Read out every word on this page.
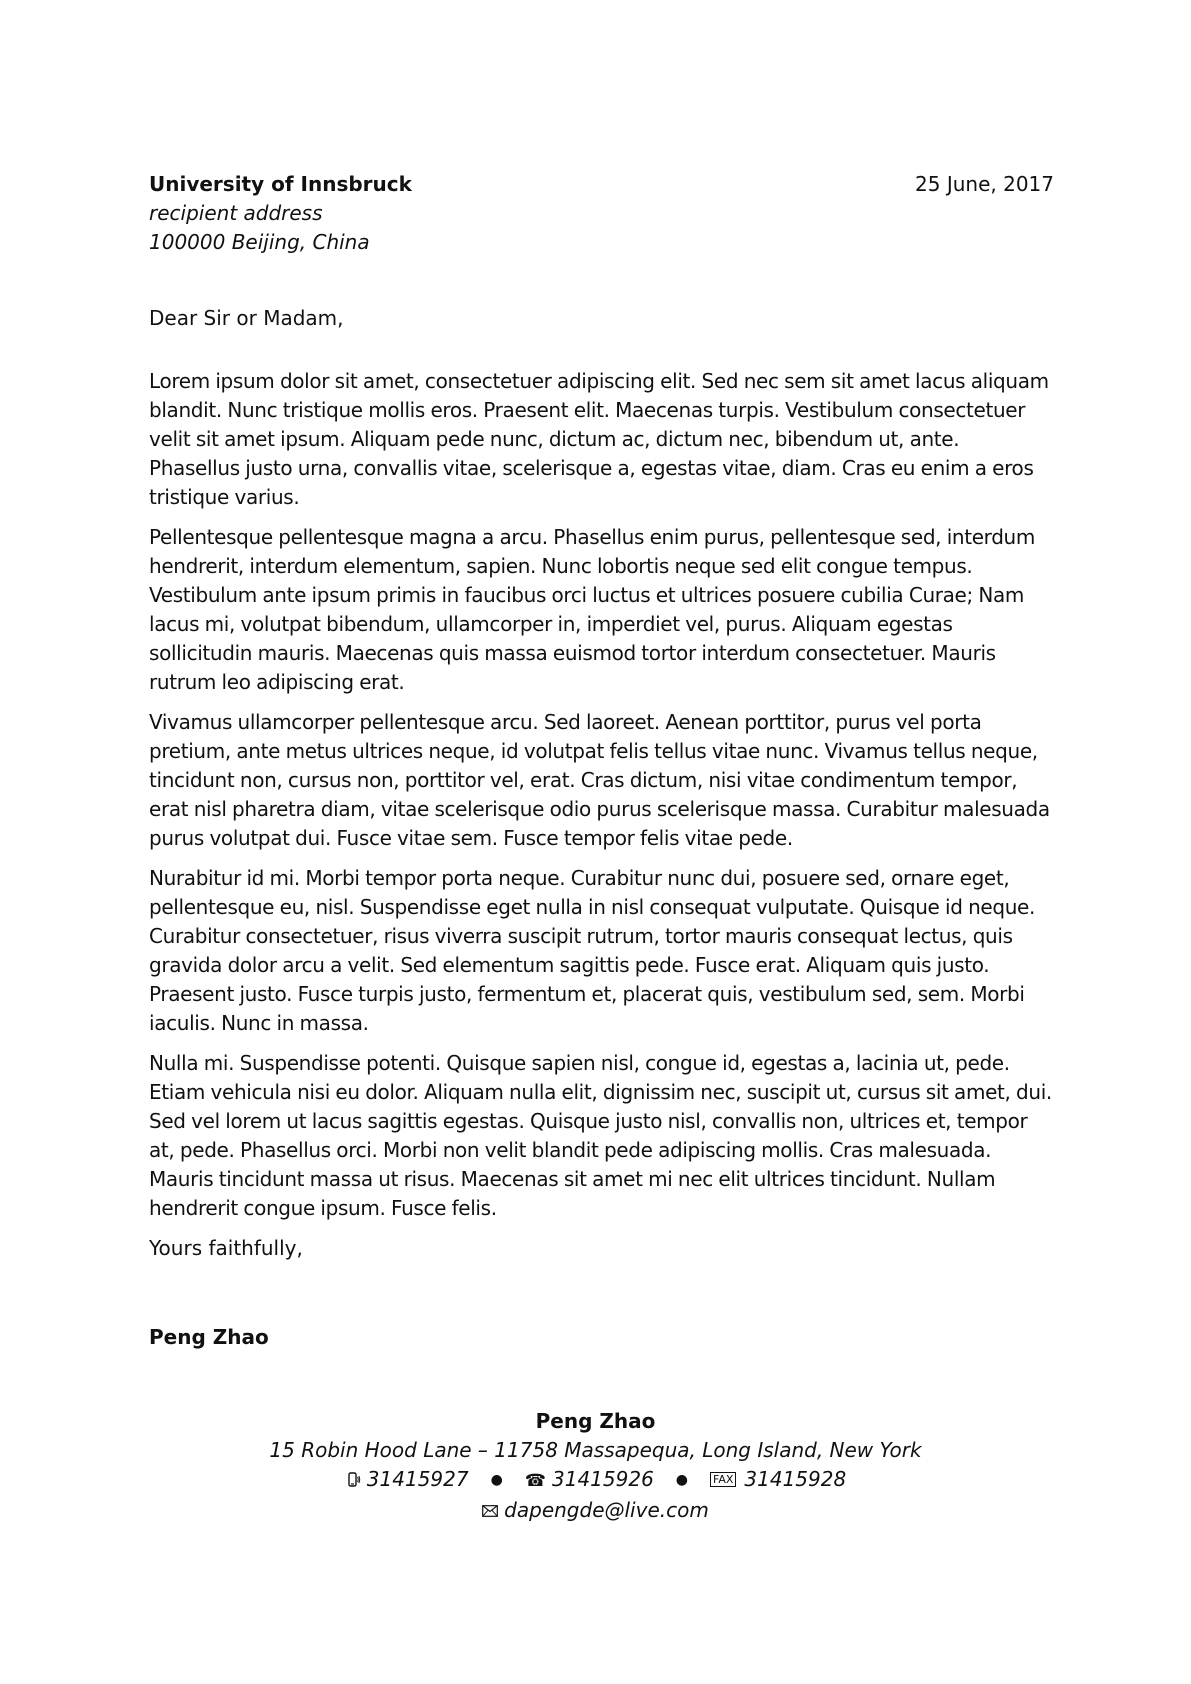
University of Innsbruck
recipient address
100000 Beijing, China
25 June, 2017
Dear Sir or Madam,

Lorem ipsum dolor sit amet, consectetuer adipiscing elit. Sed nec sem sit amet lacus aliquam blandit. Nunc tristique mollis eros. Praesent elit. Maecenas turpis. Vestibulum consectetuer velit sit amet ipsum. Aliquam pede nunc, dictum ac, dictum nec, bibendum ut, ante. Phasellus justo urna, convallis vitae, scelerisque a, egestas vitae, diam. Cras eu enim a eros tristique varius.

Pellentesque pellentesque magna a arcu. Phasellus enim purus, pellentesque sed, interdum hendrerit, interdum elementum, sapien. Nunc lobortis neque sed elit congue tempus. Vestibulum ante ipsum primis in faucibus orci luctus et ultrices posuere cubilia Curae; Nam lacus mi, volutpat bibendum, ullamcorper in, imperdiet vel, purus. Aliquam egestas sollicitudin mauris. Maecenas quis massa euismod tortor interdum consectetuer. Mauris rutrum leo adipiscing erat.

Vivamus ullamcorper pellentesque arcu. Sed laoreet. Aenean porttitor, purus vel porta pretium, ante metus ultrices neque, id volutpat felis tellus vitae nunc. Vivamus tellus neque, tincidunt non, cursus non, porttitor vel, erat. Cras dictum, nisi vitae condimentum tempor, erat nisl pharetra diam, vitae scelerisque odio purus scelerisque massa. Curabitur malesuada purus volutpat dui. Fusce vitae sem. Fusce tempor felis vitae pede.

Nurabitur id mi. Morbi tempor porta neque. Curabitur nunc dui, posuere sed, ornare eget, pellentesque eu, nisl. Suspendisse eget nulla in nisl consequat vulputate. Quisque id neque. Curabitur consectetuer, risus viverra suscipit rutrum, tortor mauris consequat lectus, quis gravida dolor arcu a velit. Sed elementum sagittis pede. Fusce erat. Aliquam quis justo. Praesent justo. Fusce turpis justo, fermentum et, placerat quis, vestibulum sed, sem. Morbi iaculis. Nunc in massa.

Nulla mi. Suspendisse potenti. Quisque sapien nisl, congue id, egestas a, lacinia ut, pede. Etiam vehicula nisi eu dolor. Aliquam nulla elit, dignissim nec, suscipit ut, cursus sit amet, dui. Sed vel lorem ut lacus sagittis egestas. Quisque justo nisl, convallis non, ultrices et, tempor at, pede. Phasellus orci. Morbi non velit blandit pede adipiscing mollis. Cras malesuada. Mauris tincidunt massa ut risus. Maecenas sit amet mi nec elit ultrices tincidunt. Nullam hendrerit congue ipsum. Fusce felis.

Yours faithfully,
Peng Zhao
Peng Zhao
15 Robin Hood Lane – 11758 Massapequa, Long Island, New York
31415927 ● ☎ 31415926 ● FAX 31415928
dapengde@live.com
